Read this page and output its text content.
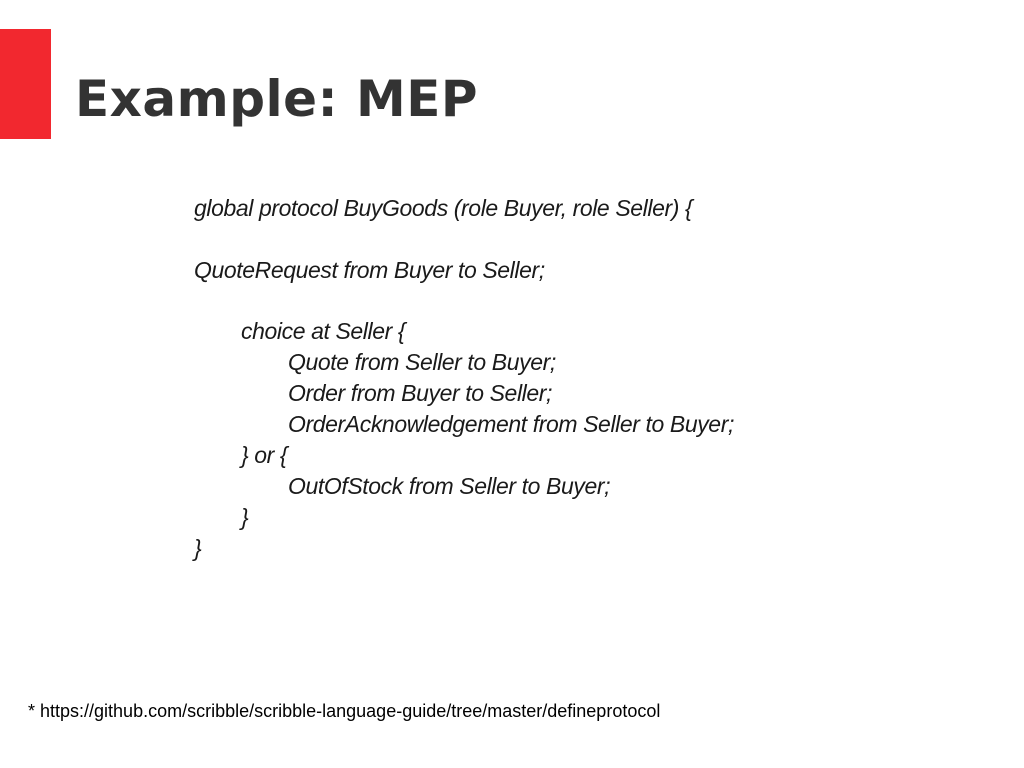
Example: MEP
global protocol BuyGoods (role Buyer, role Seller) {
QuoteRequest from Buyer to Seller;
choice at Seller {
Quote from Seller to Buyer;
Order from Buyer to Seller;
OrderAcknowledgement from Seller to Buyer;
} or {
OutOfStock from Seller to Buyer;
}
}
* https://github.com/scribble/scribble-language-guide/tree/master/defineprotocol
